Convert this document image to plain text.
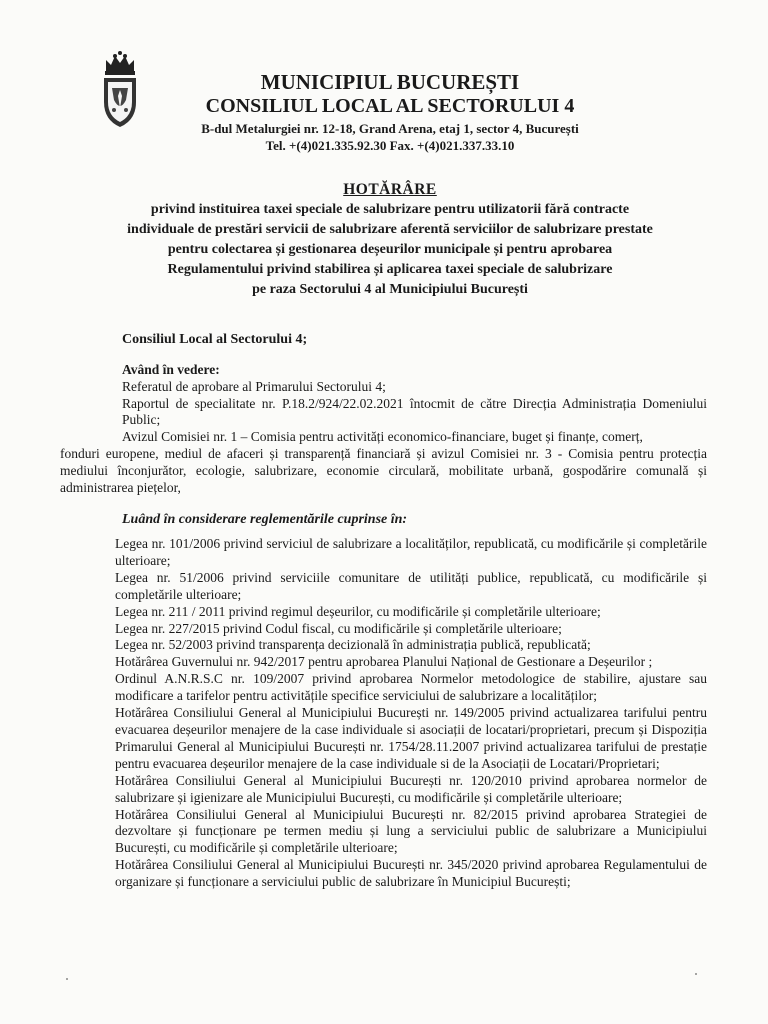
MUNICIPIUL BUCUREȘTI
CONSILIUL LOCAL AL SECTORULUI 4
B-dul Metalurgiei nr. 12-18, Grand Arena, etaj 1, sector 4, București
Tel. +(4)021.335.92.30 Fax. +(4)021.337.33.10
HOTĂRÂRE
privind instituirea taxei speciale de salubrizare pentru utilizatorii fără contracte
individuale de prestări servicii de salubrizare aferentă serviciilor de salubrizare prestate
pentru colectarea și gestionarea deșeurilor municipale și pentru aprobarea
Regulamentului privind stabilirea și aplicarea taxei speciale de salubrizare
pe raza Sectorului 4 al Municipiului București
Consiliul Local al Sectorului 4;

Având în vedere:

Referatul de aprobare al Primarului Sectorului 4;

Raportul de specialitate nr. P.18.2/924/22.02.2021 întocmit de către Direcția Administrația Domeniului Public;

Avizul Comisiei nr. 1 – Comisia pentru activități economico-financiare, buget și finanțe, comerț,

fonduri europene, mediul de afaceri și transparență financiară și avizul Comisiei nr. 3 - Comisia pentru protecția mediului înconjurător, ecologie, salubrizare, economie circulară, mobilitate urbană, gospodărire comunală și administrarea piețelor,

Luând în considerare reglementările cuprinse în:

Legea nr. 101/2006 privind serviciul de salubrizare a localităților, republicată, cu modificările și completările ulterioare;

Legea nr. 51/2006 privind serviciile comunitare de utilități publice, republicată, cu modificările și completările ulterioare;

Legea nr. 211 / 2011 privind regimul deșeurilor, cu modificările și completările ulterioare;

Legea nr. 227/2015 privind Codul fiscal, cu modificările și completările ulterioare;

Legea nr. 52/2003 privind transparența decizională în administrația publică, republicată;

Hotărârea Guvernului nr. 942/2017 pentru aprobarea Planului Național de Gestionare a Deșeurilor ;

Ordinul A.N.R.S.C nr. 109/2007 privind aprobarea Normelor metodologice de stabilire, ajustare sau modificare a tarifelor pentru activitățile specifice serviciului de salubrizare a localităților;

Hotărârea Consiliului General al Municipiului București nr. 149/2005 privind actualizarea tarifului pentru evacuarea deșeurilor menajere de la case individuale si asociații de locatari/proprietari, precum și Dispoziția Primarului General al Municipiului București nr. 1754/28.11.2007 privind actualizarea tarifului de prestație pentru evacuarea deșeurilor menajere de la case individuale si de la Asociații de Locatari/Proprietari;

Hotărârea Consiliului General al Municipiului București nr. 120/2010 privind aprobarea normelor de salubrizare și igienizare ale Municipiului București, cu modificările și completările ulterioare;

Hotărârea Consiliului General al Municipiului București nr. 82/2015 privind aprobarea Strategiei de dezvoltare și funcționare pe termen mediu și lung a serviciului public de salubrizare a Municipiului București, cu modificările și completările ulterioare;

Hotărârea Consiliului General al Municipiului București nr. 345/2020 privind aprobarea Regulamentului de organizare și funcționare a serviciului public de salubrizare în Municipiul București;
